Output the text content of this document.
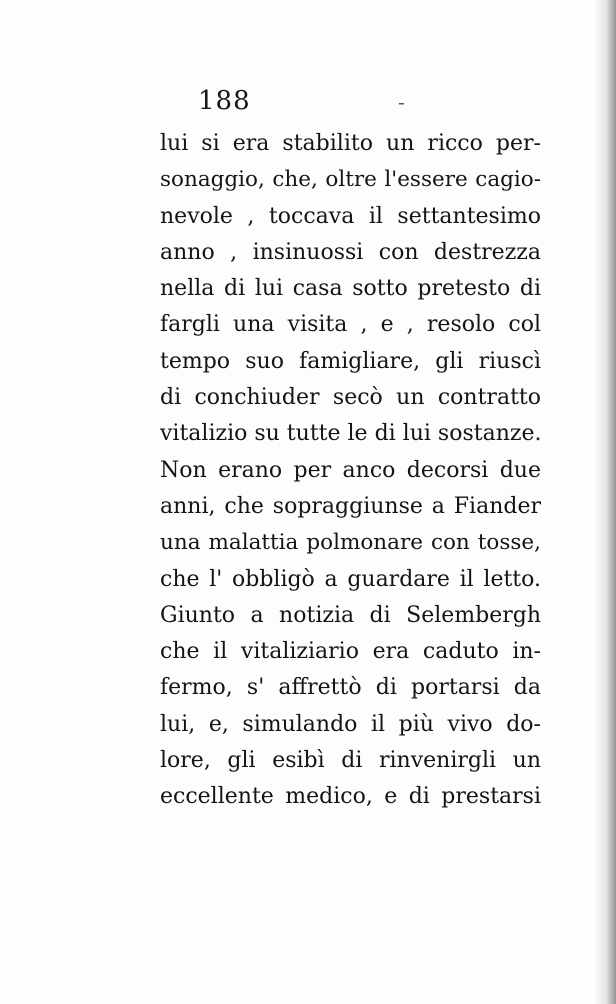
188	-
lui si era stabilito un ricco per-
sonaggio, che, oltre l'essere cagio-
nevole , toccava il settantesimo
anno , insinuossi con destrezza
nella di lui casa sotto pretesto di
fargli una visita , e , resolo col
tempo suo famigliare, gli riuscì
di conchiuder secò un contratto
vitalizio su tutte le di lui sostanze.
Non erano per anco decorsi due
anni, che sopraggiunse a Fiander
una malattia polmonare con tosse,
che l' obbligò a guardare il letto.
Giunto a notizia di Selembergh
che il vitaliziario era caduto in-
fermo, s' affrettò di portarsi da
lui, e, simulando il più vivo do-
lore, gli esibì di rinvenirgli un
eccellente medico, e di prestarsi
